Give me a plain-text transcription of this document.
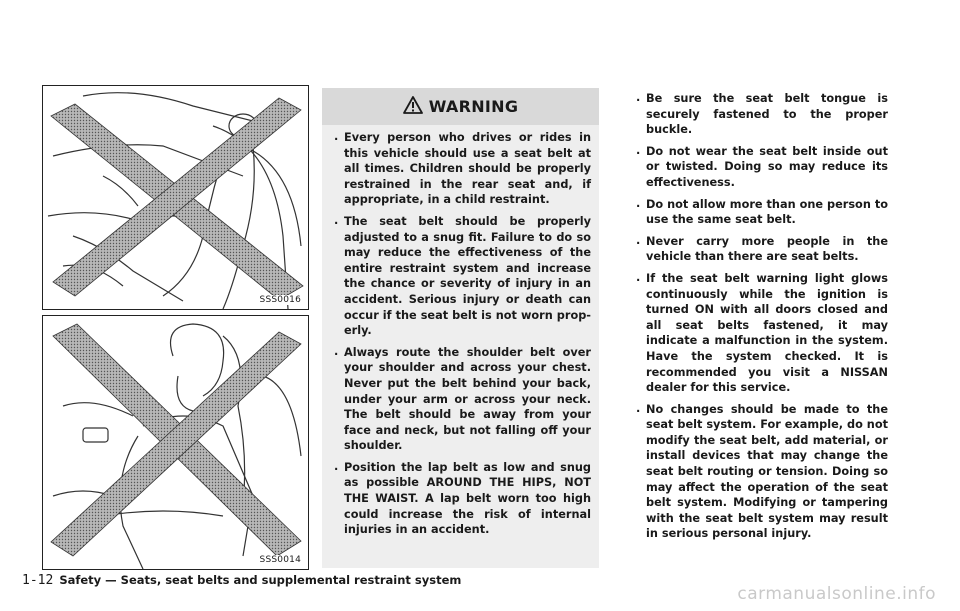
SSS0016
SSS0014
WARNING
. Every person who drives or rides in this vehicle should use a seat belt at all times. Children should be properly restrained in the rear seat and, if appropriate, in a child restraint.
. The seat belt should be properly adjusted to a snug fit. Failure to do so may reduce the effectiveness of the entire restraint system and increase the chance or severity of injury in an accident. Serious injury or death can occur if the seat belt is not worn properly.
. Always route the shoulder belt over your shoulder and across your chest. Never put the belt behind your back, under your arm or across your neck. The belt should be away from your face and neck, but not falling off your shoulder.
. Position the lap belt as low and snug as possible AROUND THE HIPS, NOT THE WAIST. A lap belt worn too high could increase the risk of internal injuries in an accident.
. Be sure the seat belt tongue is securely fastened to the proper buckle.
. Do not wear the seat belt inside out or twisted. Doing so may reduce its effectiveness.
. Do not allow more than one person to use the same seat belt.
. Never carry more people in the vehicle than there are seat belts.
. If the seat belt warning light glows continuously while the ignition is turned ON with all doors closed and all seat belts fastened, it may indicate a malfunction in the system. Have the system checked. It is recommended you visit a NISSAN dealer for this service.
. No changes should be made to the seat belt system. For example, do not modify the seat belt, add material, or install devices that may change the seat belt routing or tension. Doing so may affect the operation of the seat belt system. Modifying or tampering with the seat belt system may result in serious personal injury.
1-12 Safety — Seats, seat belts and supplemental restraint system
carmanualsonline.info
